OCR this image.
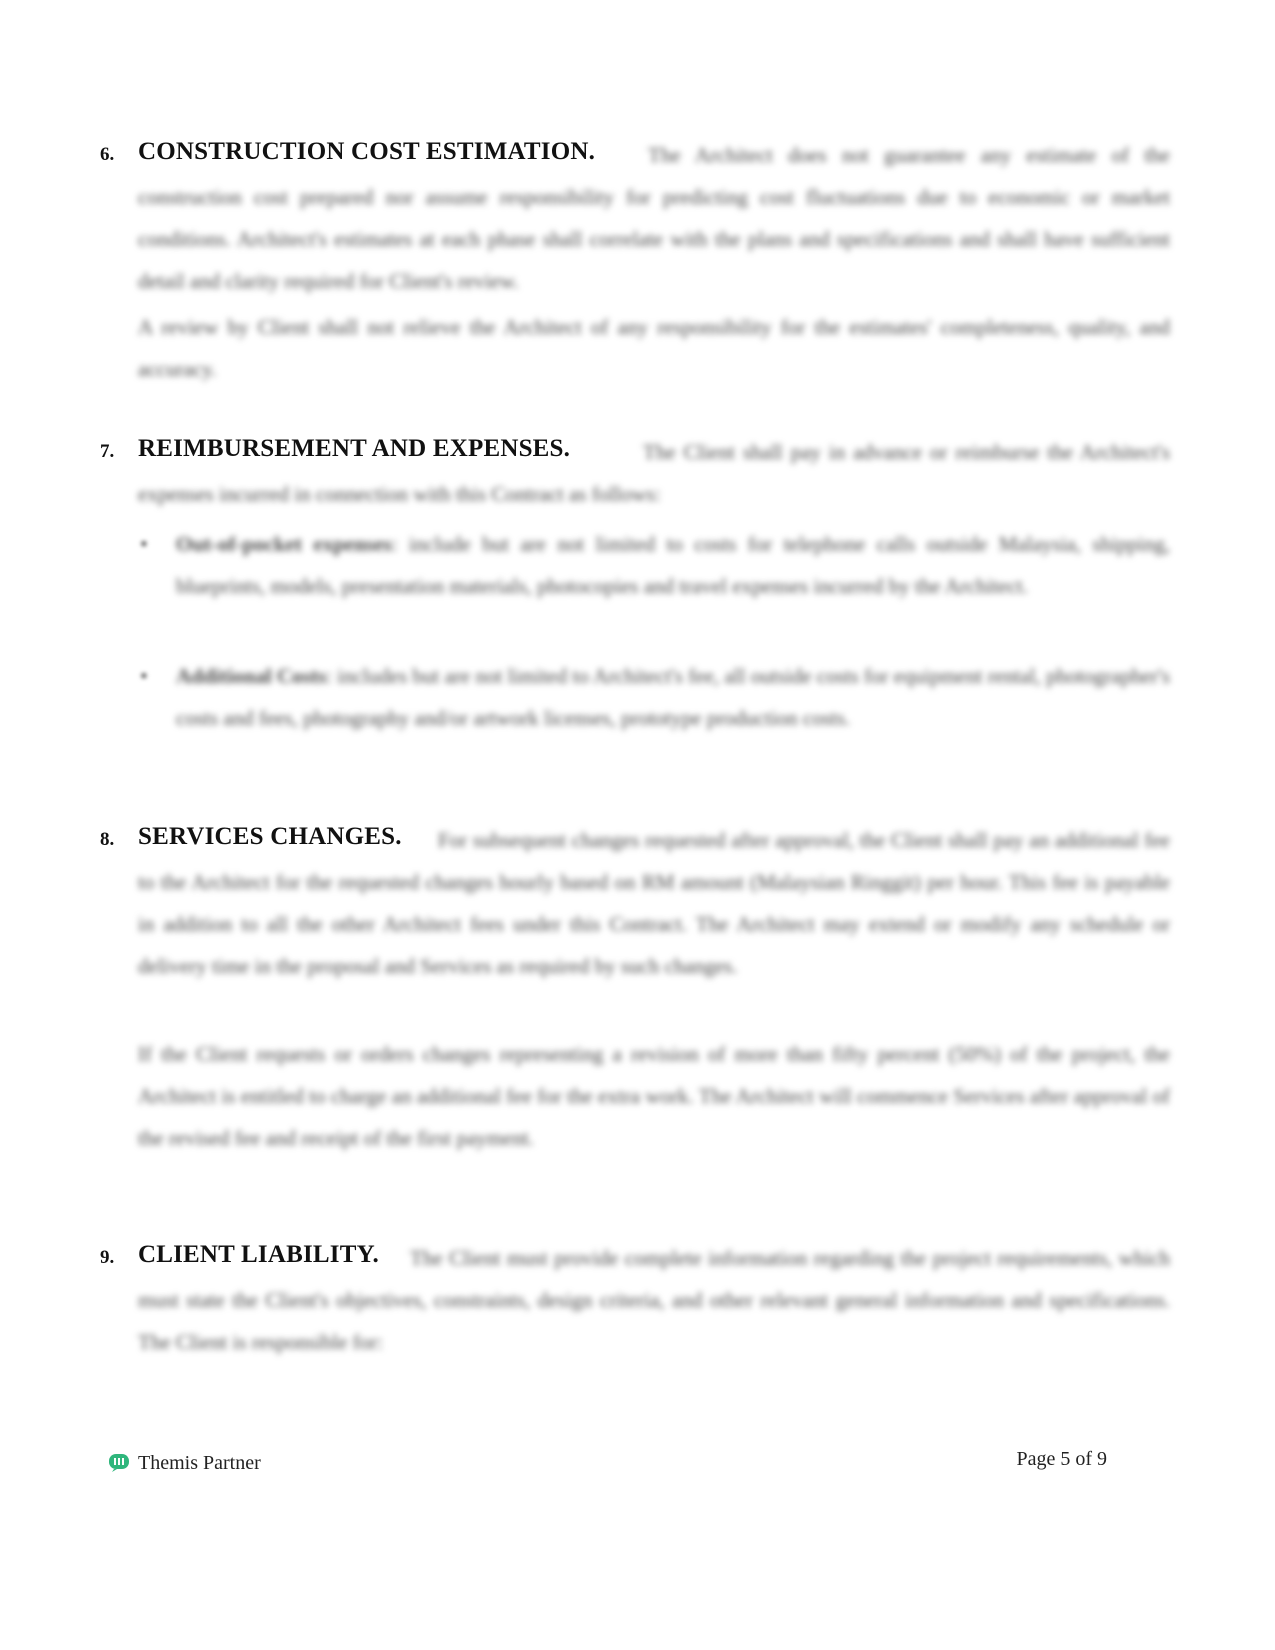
6. CONSTRUCTION COST ESTIMATION.	The Architect does not guarantee any estimate of the construction cost prepared nor assume responsibility for predicting cost fluctuations due to economic or market conditions. Architect's estimates at each phase shall correlate with the plans and specifications and shall have sufficient detail and clarity required for Client's review.
A review by Client shall not relieve the Architect of any responsibility for the estimates' completeness, quality, and accuracy.
7. REIMBURSEMENT AND EXPENSES.	The Client shall pay in advance or reimburse the Architect's expenses incurred in connection with this Contract as follows:
• Out-of-pocket expenses: include but are not limited to costs for telephone calls outside Malaysia, shipping, blueprints, models, presentation materials, photocopies and travel expenses incurred by the Architect.
• Additional Costs: includes but are not limited to Architect's fee, all outside costs for equipment rental, photographer's costs and fees, photography and/or artwork licenses, prototype production costs.
8. SERVICES CHANGES.	For subsequent changes requested after approval, the Client shall pay an additional fee to the Architect for the requested changes hourly based on RM amount (Malaysian Ringgit) per hour. This fee is payable in addition to all the other Architect fees under this Contract. The Architect may extend or modify any schedule or delivery time in the proposal and Services as required by such changes.
If the Client requests or orders changes representing a revision of more than fifty percent (50%) of the project, the Architect is entitled to charge an additional fee for the extra work. The Architect will commence Services after approval of the revised fee and receipt of the first payment.
9. CLIENT LIABILITY.	The Client must provide complete information regarding the project requirements, which must state the Client's objectives, constraints, design criteria, and other relevant general information and specifications. The Client is responsible for:
Themis Partner	Page 5 of 9
